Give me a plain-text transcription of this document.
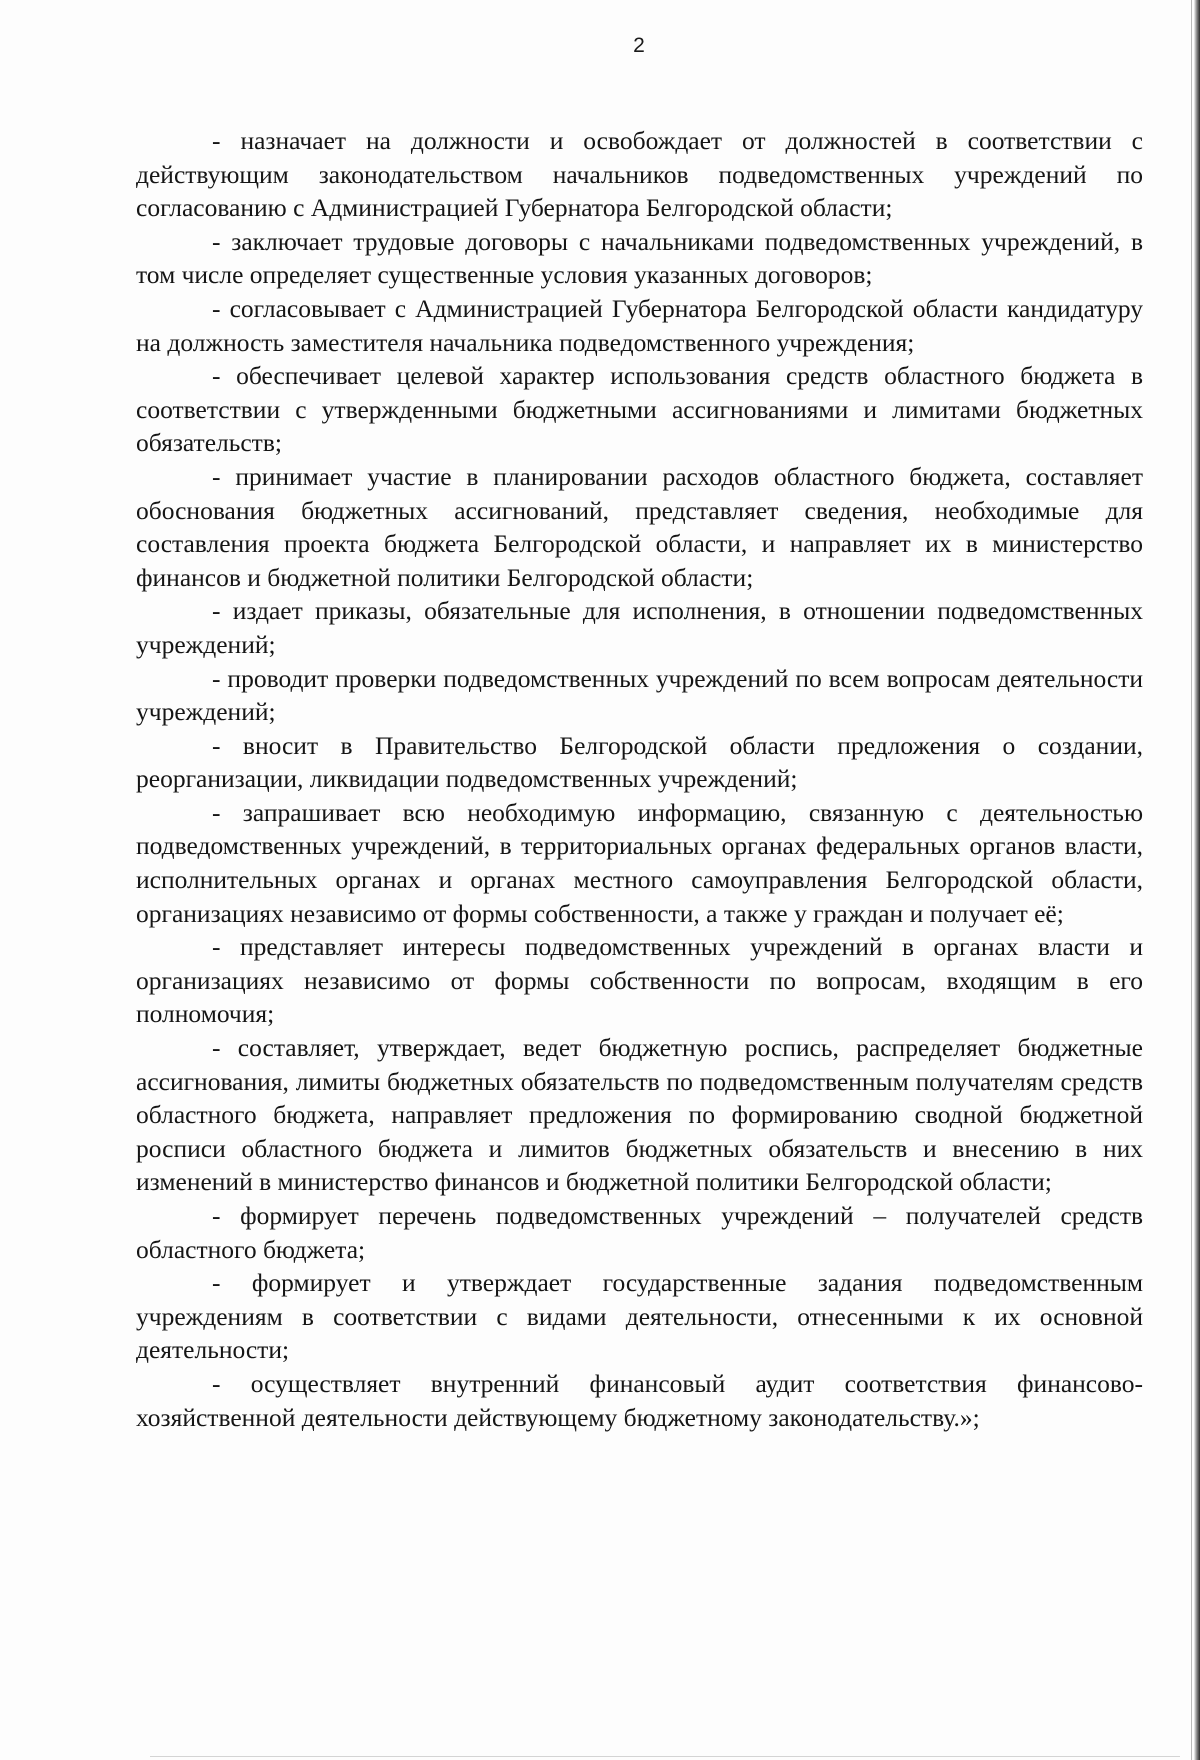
2

- назначает на должности и освобождает от должностей в соответствии с действующим законодательством начальников подведомственных учреждений по согласованию с Администрацией Губернатора Белгородской области;

- заключает трудовые договоры с начальниками подведомственных учреждений, в том числе определяет существенные условия указанных договоров;

- согласовывает с Администрацией Губернатора Белгородской области кандидатуру на должность заместителя начальника подведомственного учреждения;

- обеспечивает целевой характер использования средств областного бюджета в соответствии с утвержденными бюджетными ассигнованиями и лимитами бюджетных обязательств;

- принимает участие в планировании расходов областного бюджета, составляет обоснования бюджетных ассигнований, представляет сведения, необходимые для составления проекта бюджета Белгородской области, и направляет их в министерство финансов и бюджетной политики Белгородской области;

- издает приказы, обязательные для исполнения, в отношении подведомственных учреждений;

- проводит проверки подведомственных учреждений по всем вопросам деятельности учреждений;

- вносит в Правительство Белгородской области предложения о создании, реорганизации, ликвидации подведомственных учреждений;

- запрашивает всю необходимую информацию, связанную с деятельностью подведомственных учреждений, в территориальных органах федеральных органов власти, исполнительных органах и органах местного самоуправления Белгородской области, организациях независимо от формы собственности, а также у граждан и получает её;

- представляет интересы подведомственных учреждений в органах власти и организациях независимо от формы собственности по вопросам, входящим в его полномочия;

- составляет, утверждает, ведет бюджетную роспись, распределяет бюджетные ассигнования, лимиты бюджетных обязательств по подведомственным получателям средств областного бюджета, направляет предложения по формированию сводной бюджетной росписи областного бюджета и лимитов бюджетных обязательств и внесению в них изменений в министерство финансов и бюджетной политики Белгородской области;

- формирует перечень подведомственных учреждений – получателей средств областного бюджета;

- формирует и утверждает государственные задания подведомственным учреждениям в соответствии с видами деятельности, отнесенными к их основной деятельности;

- осуществляет внутренний финансовый аудит соответствия финансово-хозяйственной деятельности действующему бюджетному законодательству.»;
